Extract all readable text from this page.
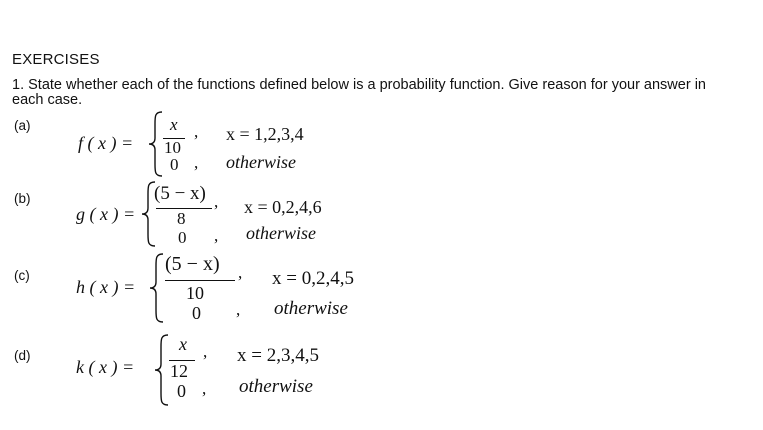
EXERCISES
1. State whether each of the functions defined below is a probability function. Give reason for your answer in
each case.
(a)
f ( x ) =
x
10
,
0 ,
x = 1,2,3,4
otherwise
(b)
g ( x ) =
(5 − x)
8
,
0 ,
x = 0,2,4,6
otherwise
(c)
h ( x ) =
(5 − x)
10
,
0 ,
x = 0,2,4,5
otherwise
(d)
k ( x ) =
x
12
,
0 ,
x = 2,3,4,5
otherwise
